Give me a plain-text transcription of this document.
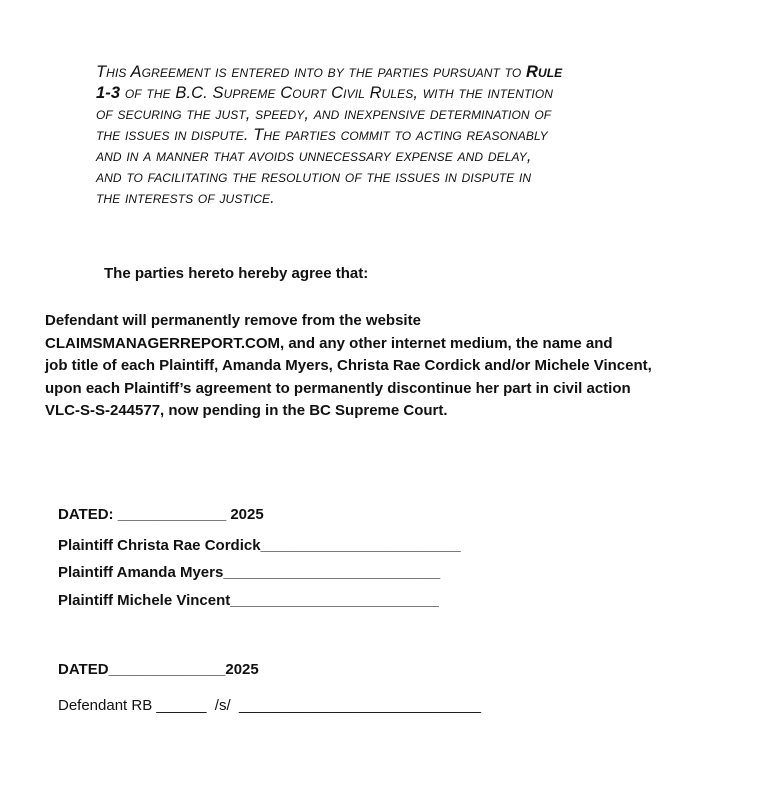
This Agreement is entered into by the parties pursuant to Rule
1-3 of the B.C. Supreme Court Civil Rules, with the intention
of securing the just, speedy, and inexpensive determination of
the issues in dispute. The parties commit to acting reasonably
and in a manner that avoids unnecessary expense and delay,
and to facilitating the resolution of the issues in dispute in
the interests of justice.
The parties hereto hereby agree that:
Defendant will permanently remove from the website
CLAIMSMANAGERREPORT.COM, and any other internet medium, the name and
job title of each Plaintiff, Amanda Myers, Christa Rae Cordick and/or Michele Vincent,
upon each Plaintiff’s agreement to permanently discontinue her part in civil action
VLC-S-S-244577, now pending in the BC Supreme Court.
DATED: _____________ 2025
Plaintiff Christa Rae Cordick________________________
Plaintiff Amanda Myers__________________________
Plaintiff Michele Vincent_________________________
DATED______________2025
Defendant RB ______  /s/  _____________________________
